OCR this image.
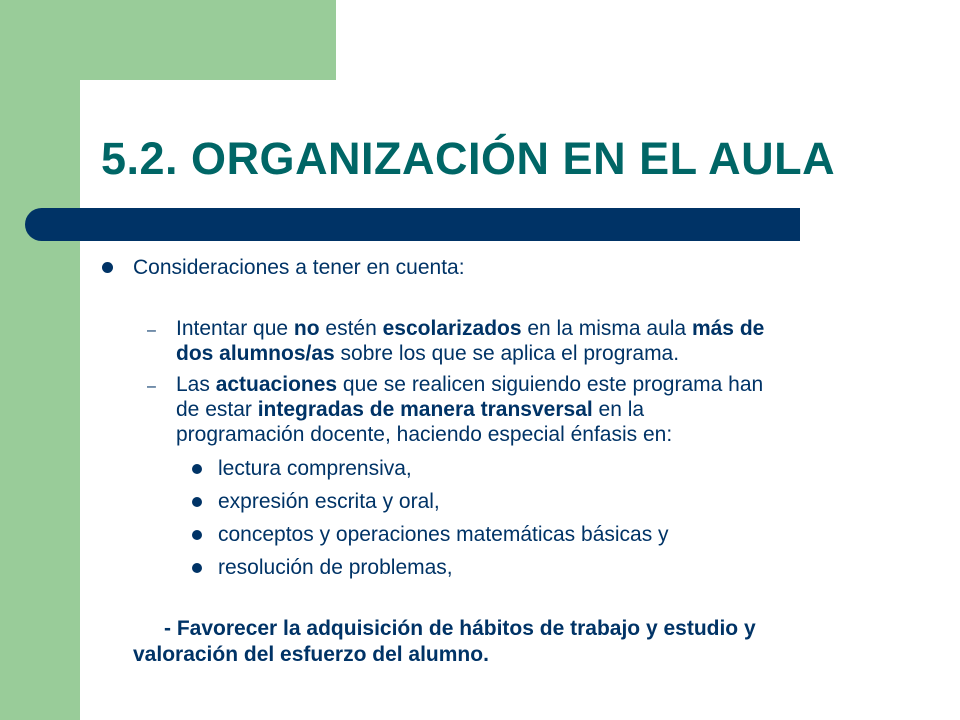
5.2. ORGANIZACIÓN EN EL AULA
Consideraciones a tener en cuenta:
– Intentar que no estén escolarizados en la misma aula más de
dos alumnos/as sobre los que se aplica el programa.
– Las actuaciones que se realicen siguiendo este programa han
de estar integradas de manera transversal en la
programación docente, haciendo especial énfasis en:
lectura comprensiva,
expresión escrita y oral,
conceptos y operaciones matemáticas básicas y
resolución de problemas,
- Favorecer la adquisición de hábitos de trabajo y estudio y
valoración del esfuerzo del alumno.
